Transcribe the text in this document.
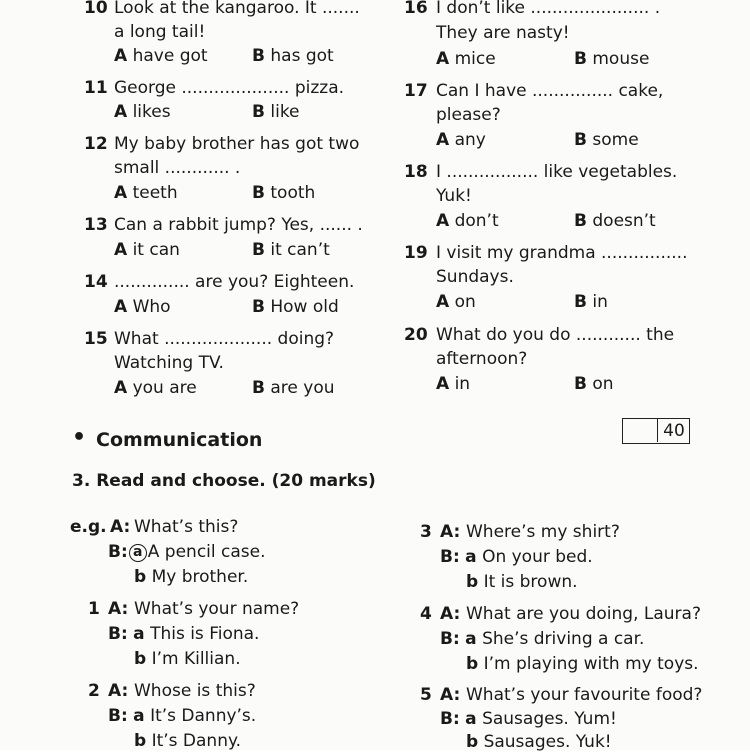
10 Look at the kangaroo. It .......
a long tail!
A have got	B has got
11 George .................... pizza.
A likes	B like
12 My baby brother has got two
small ............ .
A teeth	B tooth
13 Can a rabbit jump? Yes, ...... .
A it can	B it can’t
14 .............. are you? Eighteen.
A Who	B How old
15 What .................... doing?
Watching TV.
A you are	B are you
16 I don’t like ...................... .
They are nasty!
A mice	B mouse
17 Can I have ............... cake,
please?
A any	B some
18 I ................. like vegetables.
Yuk!
A don’t	B doesn’t
19 I visit my grandma ................
Sundays.
A on	B in
20 What do you do ............ the
afternoon?
A in	B on
• Communication	40
3. Read and choose. (20 marks)
e.g. A: What’s this?
B: a A pencil case.
b My brother.
1 A: What’s your name?
B: a This is Fiona.
b I’m Killian.
2 A: Whose is this?
B: a It’s Danny’s.
b It’s Danny.
3 A: Where’s my shirt?
B: a On your bed.
b It is brown.
4 A: What are you doing, Laura?
B: a She’s driving a car.
b I’m playing with my toys.
5 A: What’s your favourite food?
B: a Sausages. Yum!
b Sausages. Yuk!
